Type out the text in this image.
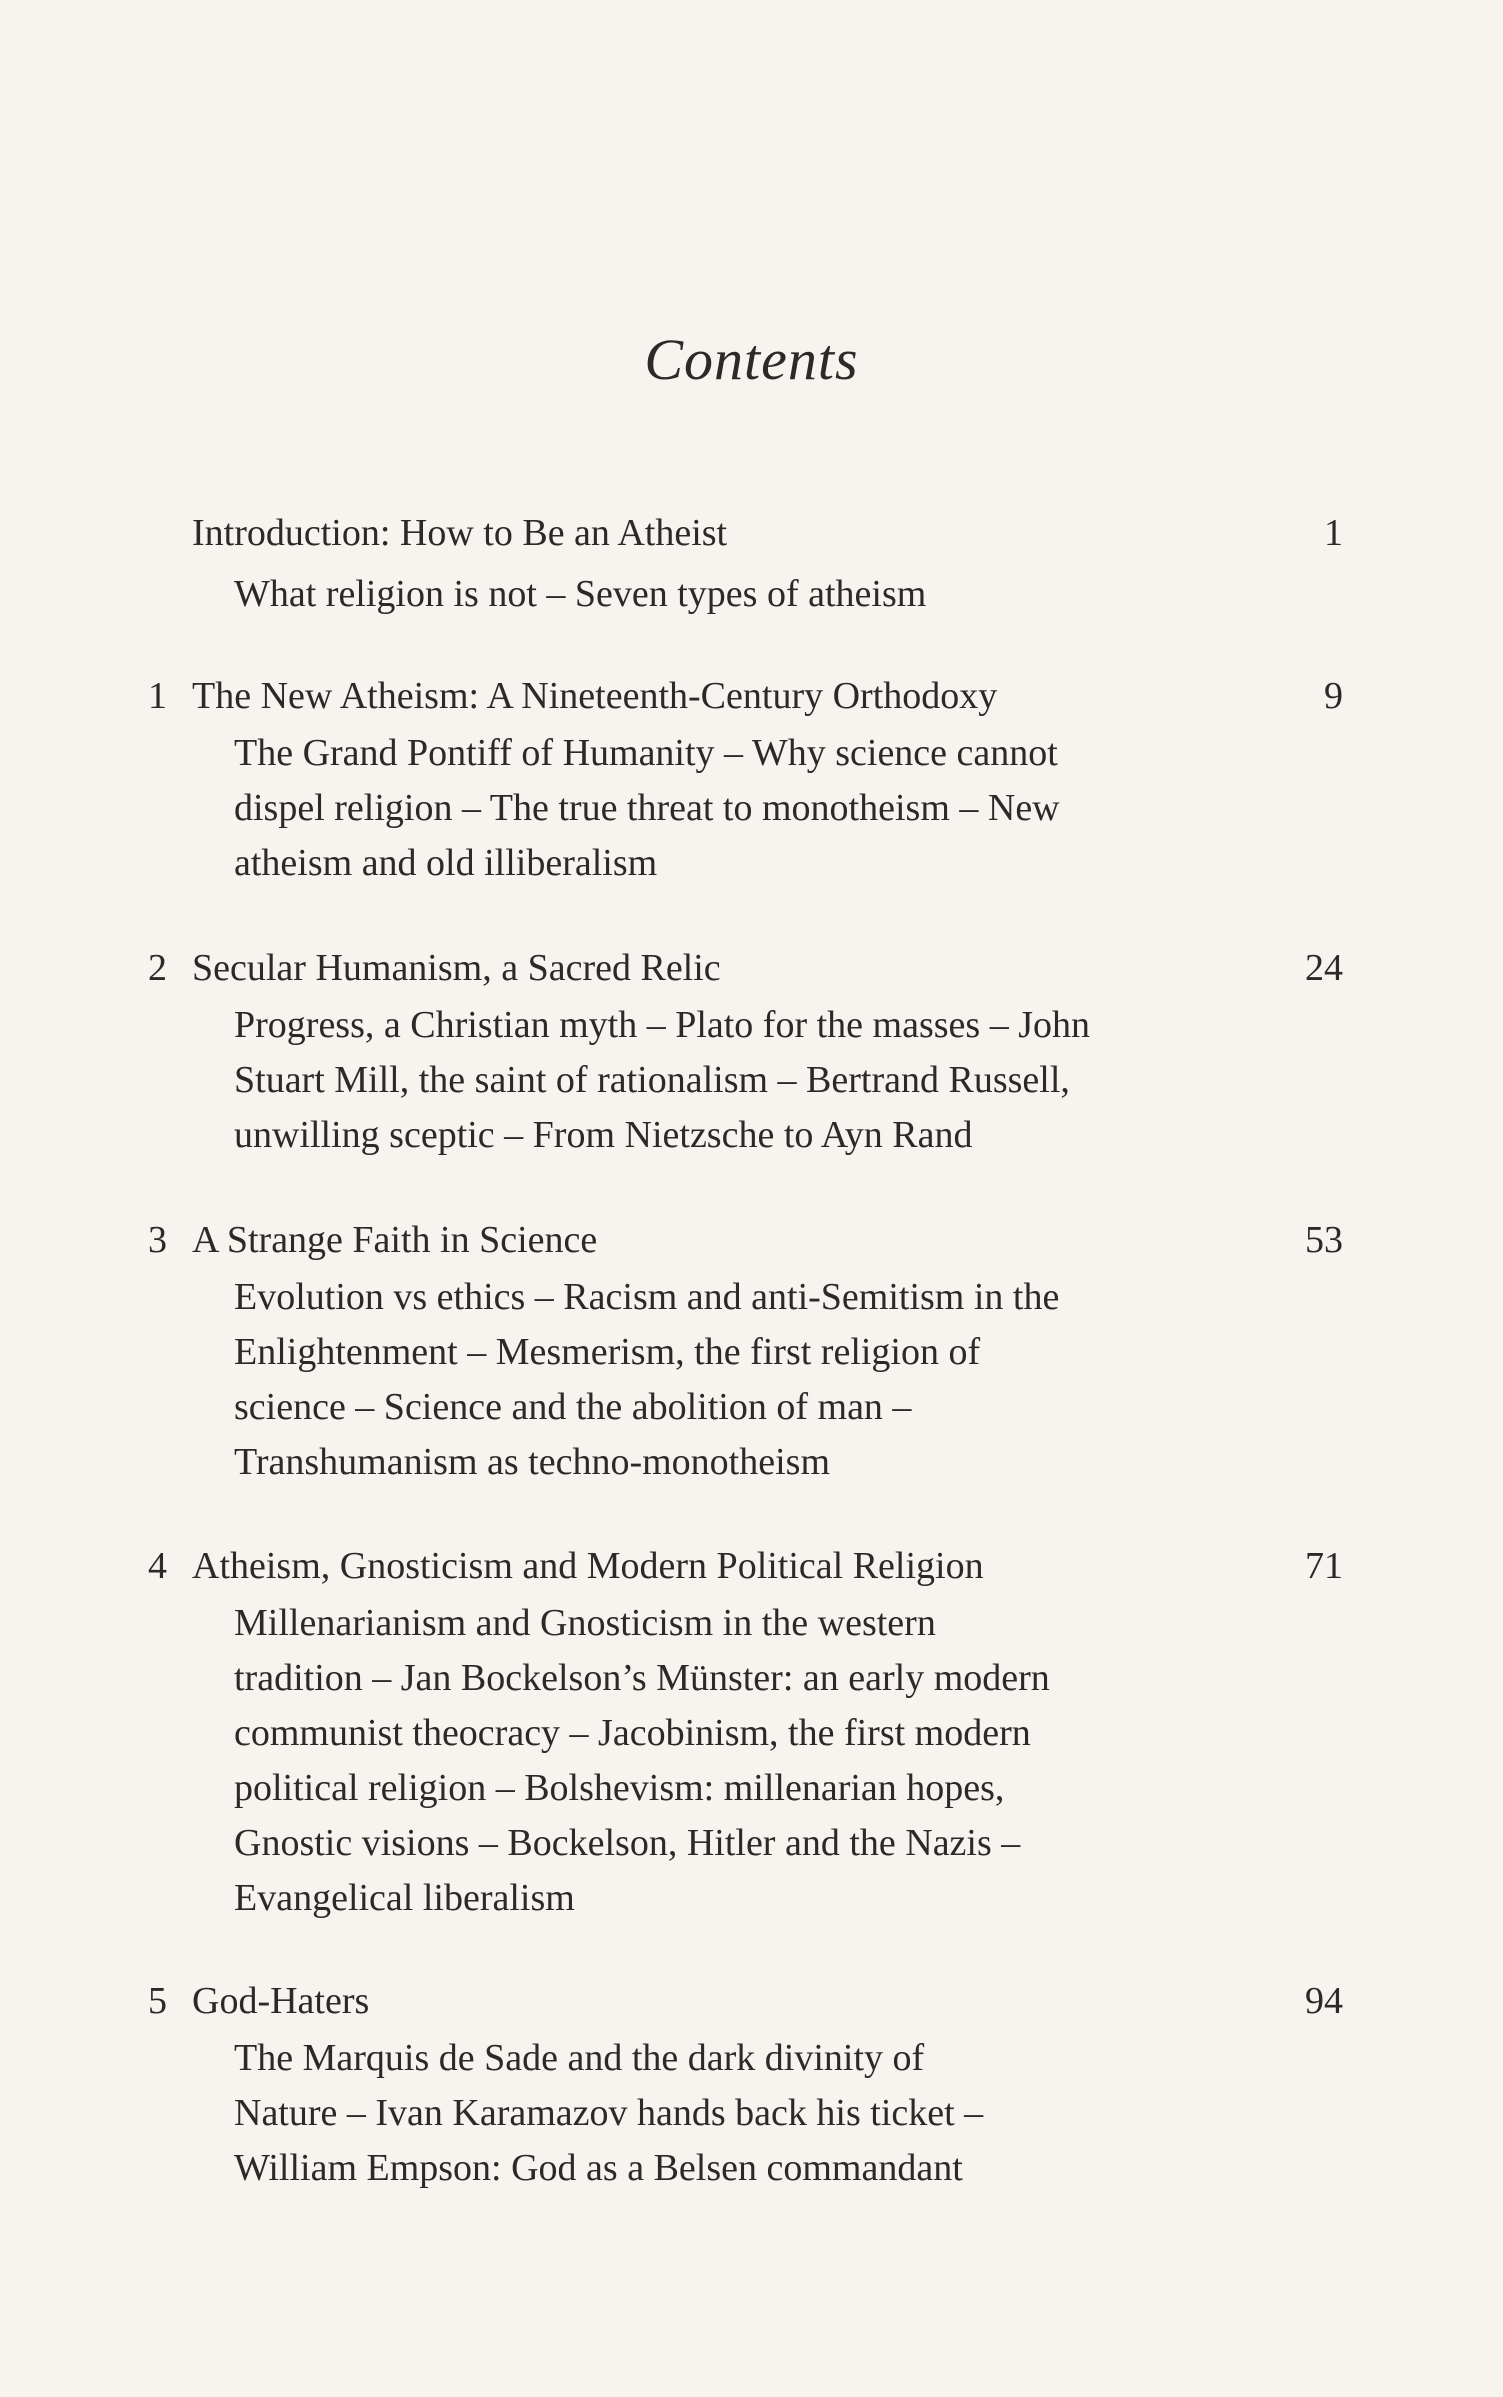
Contents
Introduction: How to Be an Atheist	1
What religion is not – Seven types of atheism
1 The New Atheism: A Nineteenth-Century Orthodoxy	9
The Grand Pontiff of Humanity – Why science cannot
dispel religion – The true threat to monotheism – New
atheism and old illiberalism
2 Secular Humanism, a Sacred Relic	24
Progress, a Christian myth – Plato for the masses – John
Stuart Mill, the saint of rationalism – Bertrand Russell,
unwilling sceptic – From Nietzsche to Ayn Rand
3 A Strange Faith in Science	53
Evolution vs ethics – Racism and anti-Semitism in the
Enlightenment – Mesmerism, the first religion of
science – Science and the abolition of man –
Transhumanism as techno-monotheism
4 Atheism, Gnosticism and Modern Political Religion	71
Millenarianism and Gnosticism in the western
tradition – Jan Bockelson’s Münster: an early modern
communist theocracy – Jacobinism, the first modern
political religion – Bolshevism: millenarian hopes,
Gnostic visions – Bockelson, Hitler and the Nazis –
Evangelical liberalism
5 God-Haters	94
The Marquis de Sade and the dark divinity of
Nature – Ivan Karamazov hands back his ticket –
William Empson: God as a Belsen commandant
